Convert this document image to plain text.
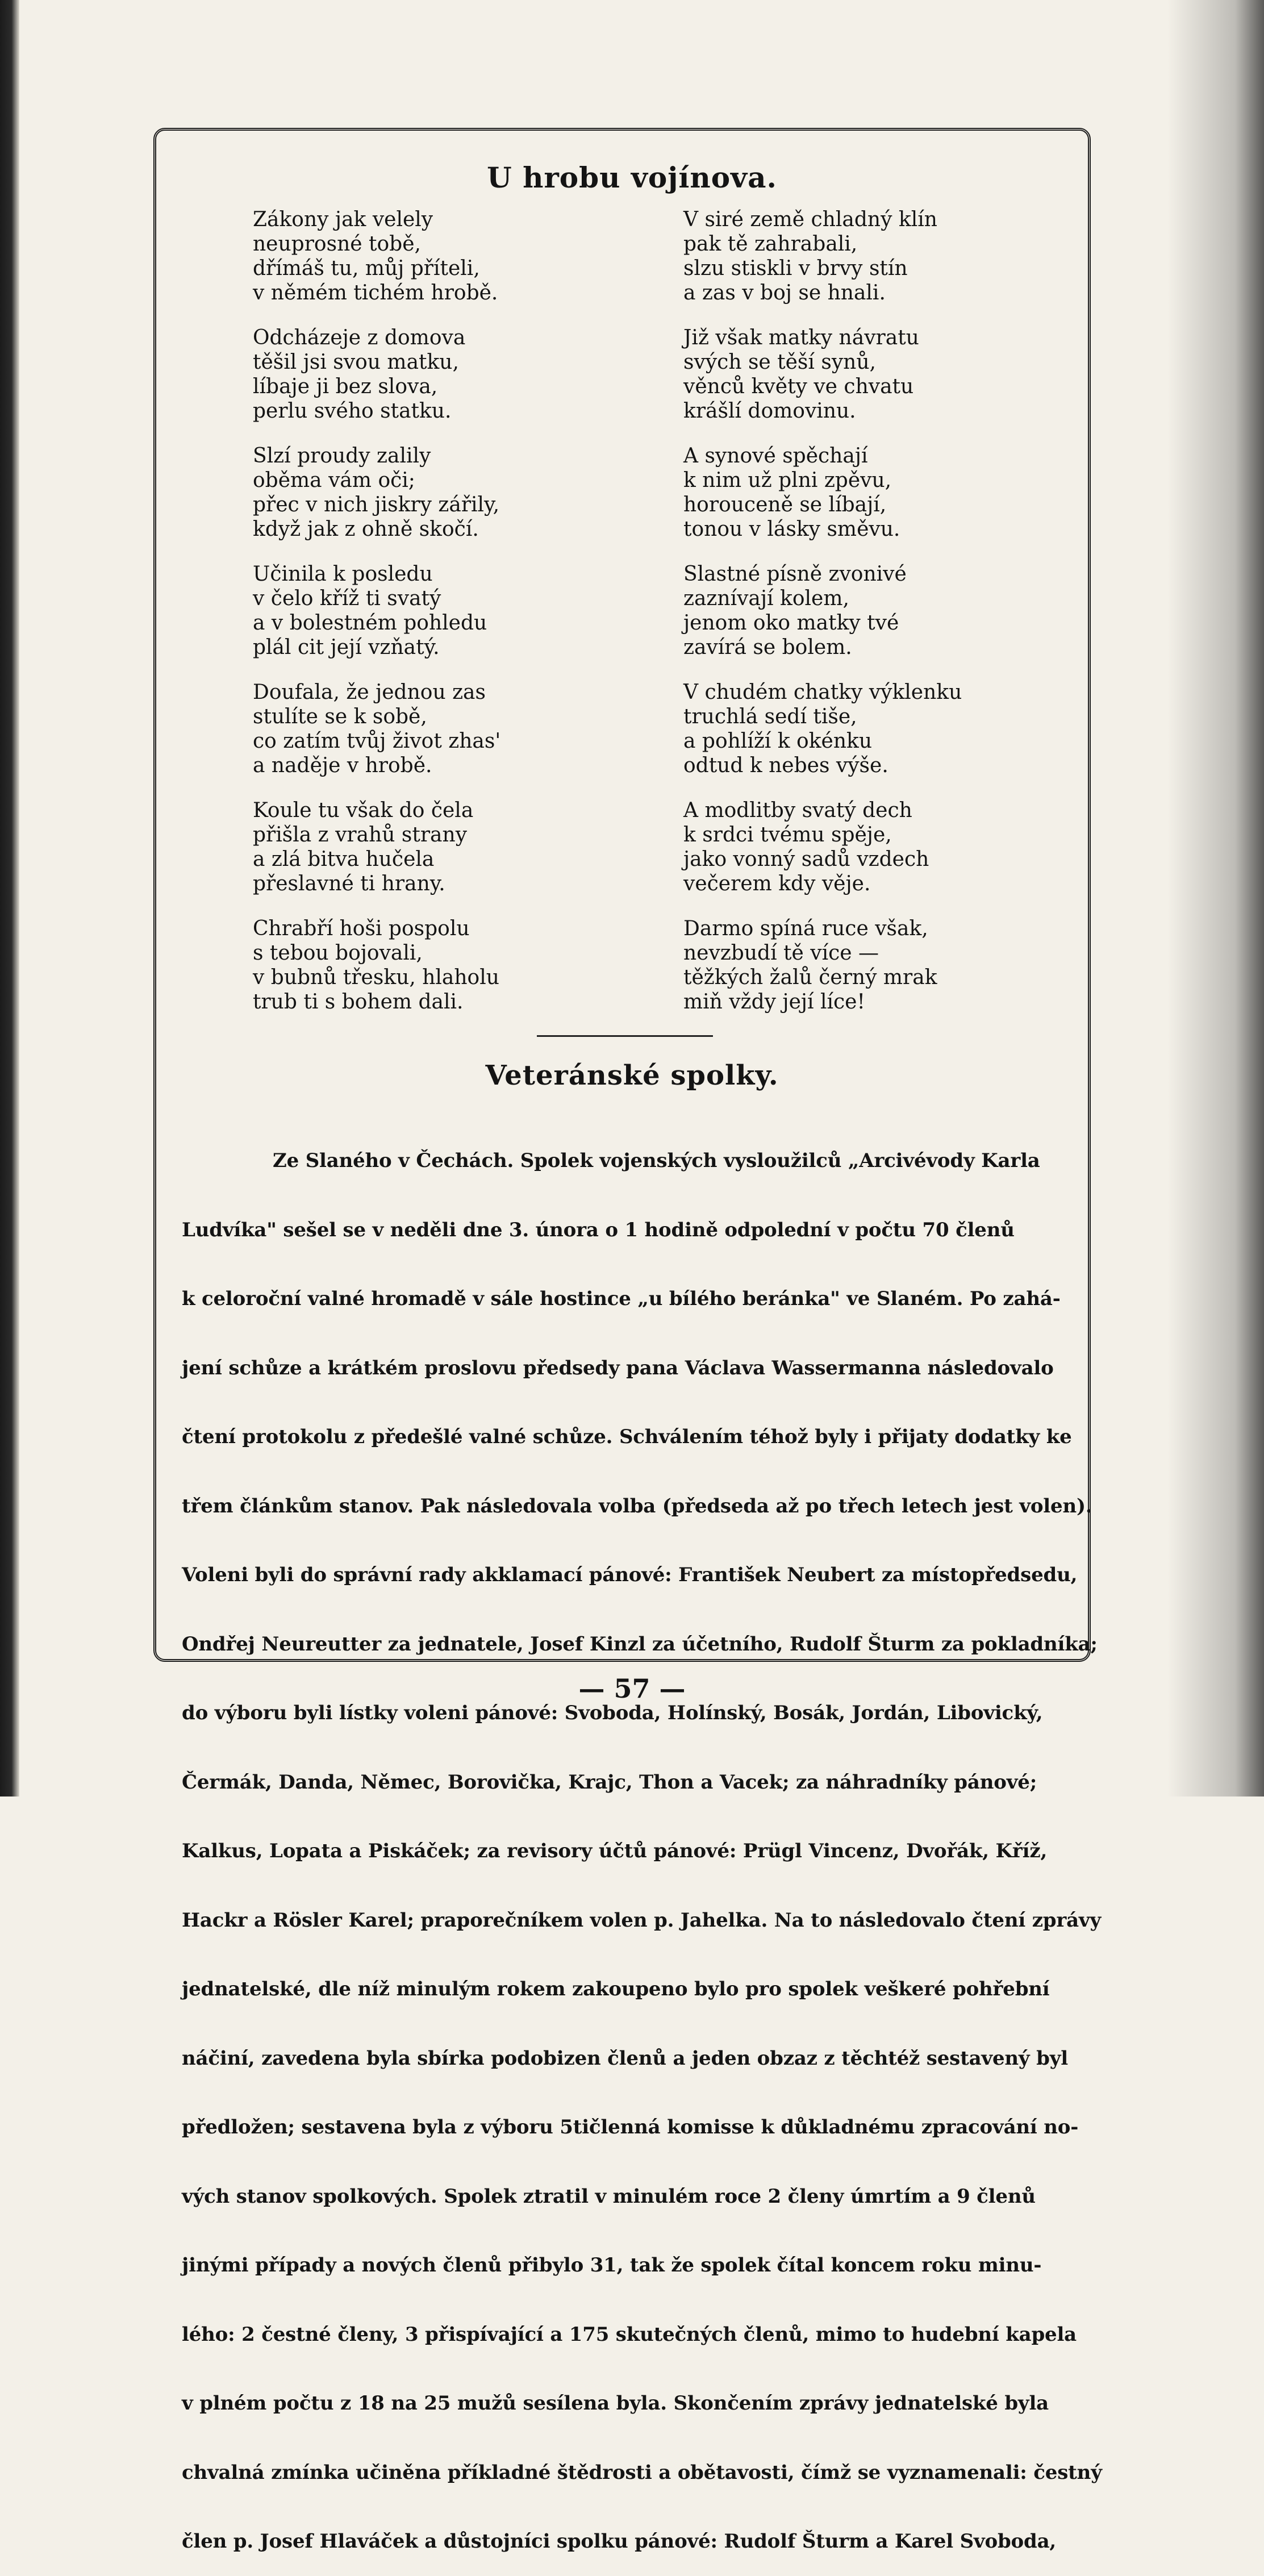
U hrobu vojínova.
Zákony jak velely
neuprosné tobě,
dřímáš tu, můj příteli,
v němém tichém hrobě.
Odcházeje z domova
těšil jsi svou matku,
líbaje ji bez slova,
perlu svého statku.
Slzí proudy zalily
oběma vám oči;
přec v nich jiskry zářily,
když jak z ohně skočí.
Učinila k posledu
v čelo kříž ti svatý
a v bolestném pohledu
plál cit její vzňatý.
Doufala, že jednou zas
stulíte se k sobě,
co zatím tvůj život zhas'
a naděje v hrobě.
Koule tu však do čela
přišla z vrahů strany
a zlá bitva hučela
přeslavné ti hrany.
Chrabří hoši pospolu
s tebou bojovali,
v bubnů třesku, hlaholu
trub ti s bohem dali.
V siré země chladný klín
pak tě zahrabali,
slzu stiskli v brvy stín
a zas v boj se hnali.
Již však matky návratu
svých se těší synů,
věnců květy ve chvatu
krášlí domovinu.
A synové spěchají
k nim už plni zpěvu,
horouceně se líbají,
tonou v lásky směvu.
Slastné písně zvonivé
zaznívají kolem,
jenom oko matky tvé
zavírá se bolem.
V chudém chatky výklenku
truchlá sedí tiše,
a pohlíží k okénku
odtud k nebes výše.
A modlitby svatý dech
k srdci tvému spěje,
jako vonný sadů vzdech
večerem kdy věje.
Darmo spíná ruce však,
nevzbudí tě více —
těžkých žalů černý mrak
miň vždy její líce!
Veteránské spolky.

Ze Slaného v Čechách. Spolek vojenských vysloužilců „Arcivévody Karla

Ludvíka" sešel se v neděli dne 3. února o 1 hodině odpolední v počtu 70 členů

k celoroční valné hromadě v sále hostince „u bílého beránka" ve Slaném. Po zahá-

jení schůze a krátkém proslovu předsedy pana Václava Wassermanna následovalo

čtení protokolu z předešlé valné schůze. Schválením téhož byly i přijaty dodatky ke

třem článkům stanov. Pak následovala volba (předseda až po třech letech jest volen).

Voleni byli do správní rady akklamací pánové: František Neubert za místopředsedu,

Ondřej Neureutter za jednatele, Josef Kinzl za účetního, Rudolf Šturm za pokladníka;

do výboru byli lístky voleni pánové: Svoboda, Holínský, Bosák, Jordán, Libovický,

Čermák, Danda, Němec, Borovička, Krajc, Thon a Vacek; za náhradníky pánové;

Kalkus, Lopata a Piskáček; za revisory účtů pánové: Prügl Vincenz, Dvořák, Kříž,

Hackr a Rösler Karel; praporečníkem volen p. Jahelka. Na to následovalo čtení zprávy

jednatelské, dle níž minulým rokem zakoupeno bylo pro spolek veškeré pohřební

náčiní, zavedena byla sbírka podobizen členů a jeden obzaz z těchtéž sestavený byl

předložen; sestavena byla z výboru 5tičlenná komisse k důkladnému zpracování no-

vých stanov spolkových. Spolek ztratil v minulém roce 2 členy úmrtím a 9 členů

jinými případy a nových členů přibylo 31, tak že spolek čítal koncem roku minu-

lého: 2 čestné členy, 3 přispívající a 175 skutečných členů, mimo to hudební kapela

v plném počtu z 18 na 25 mužů sesílena byla. Skončením zprávy jednatelské byla

chvalná zmínka učiněna příkladné štědrosti a obětavosti, čímž se vyznamenali: čestný

člen p. Josef Hlaváček a důstojníci spolku pánové: Rudolf Šturm a Karel Svoboda,

— 57 —
